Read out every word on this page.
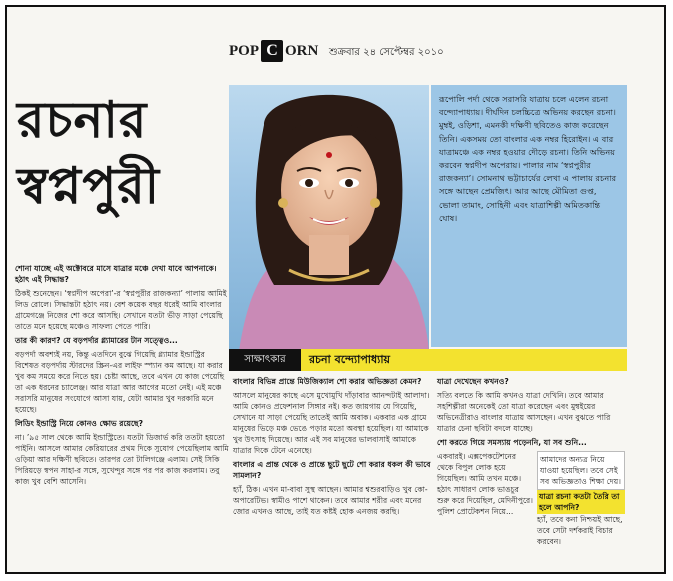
POP C ORN শুক্রবার ২৪ সেপ্টেম্বর ২০১০
রচনার
স্বপ্নপুরী

শোনা যাচ্ছে এই অক্টোবরে মাসে যাত্রার মঞ্চে দেখা যাবে আপনাকে। হঠাৎ এই সিদ্ধান্ত?

ঠিকই শুনেছেন। ‘স্বপ্নদীপ অপেরা’-র ‘স্বপ্নপুরীর রাজকন্যা’ পালায় আমিই লিড রোলে। সিদ্ধান্তটা হঠাৎ নয়। বেশ কয়েক বছর ধরেই আমি বাংলার গ্রামেগঞ্জে নিজের শো করে আসছি। সেখানে যতটা ভীড় সাড়া পেয়েছি তাতে মনে হয়েছে মঞ্চেও সাফল্য পেতে পারি।

তার কী কারণ? যে বড়পর্দার গ্ল্যামারের টান সত্ত্বেও...

বড়পর্দা অবশ্যই নয়, কিন্তু এতদিনে বুঝে গিয়েছি গ্ল্যামার ইন্ডাস্ট্রির বিশেষত বড়পর্দায় স্টারদের স্ক্রিন-এর লাইফ স্প্যান কম আছে। যা করার খুব কম সময়ে করে নিতে হয়। চেষ্টা আছে, তবে এখন যে কাজ পেয়েছি তা এক ধরনের চ্যালেঞ্জ। আর যাত্রা আর আগের মতো নেই। এই মঞ্চে সরাসরি মানুষের সংযোগে আসা যায়, যেটা আমার খুব দরকারি মনে হয়েছে।

লিডিং ইন্ডাস্ট্রি নিয়ে কোনও ক্ষোভ রয়েছে?

না। ’৯৫ সাল থেকে আমি ইন্ডাস্ট্রিতে। যতটা ডিজার্ভ করি ততটা হয়তো পাইনি। আসলে আমার কেরিয়ারের প্রথম দিকে সুযোগ পেয়েছিলাম আমি ওড়িয়া আর দক্ষিণী ছবিতে। তারপর তো টালিগঞ্জে এলাম। সেই সিকি পিরিয়ড়ে স্বপন সাহা-র সঙ্গে, সুখেন্দুর সঙ্গে পর পর কাজ করলাম। তবু কাজ খুব বেশি আসেনি।

সাক্ষাৎকার	রচনা বন্দ্যোপাধ্যায়
রূপোলি পর্দা থেকে সরাসরি যাত্রায় চলে এলেন রচনা বন্দ্যোপাধ্যায়। দীর্ঘদিন চলচ্চিত্রে অভিনয় করছেন রচনা। মুম্বই, ওড়িশা, এমনকী দক্ষিণী ছবিতেও কাজ করেছেন তিনি। একসময় তো বাংলার এক নম্বর হিরোইন। এ বার যাত্রামঞ্চে এক নম্বর হওয়ার দৌড়ে রচনা। তিনি অভিনয় করবেন স্বপ্নদীপ অপেরায়। পালার নাম ‘স্বপ্নপুরীর রাজকন্যা’। সোমনাথ ভট্টাচার্যের লেখা এ পালায় রচনার সঙ্গে আছেন প্রেমজিৎ। আর আছে মৌমিতা গুপ্ত, ভোলা তামাং, সোহিনী এবং যাত্রাশিল্পী অমিতকান্তি ঘোষ।

বাংলার বিভিন্ন প্রান্তে মিউজিক্যাল শো করার অভিজ্ঞতা কেমন?

আসলে মানুষের কাছে এসে মুখোমুখি দাঁড়াবার আনন্দটাই আলাদা। আমি কোনও প্রফেশনাল সিঙ্গার নই। কত জায়গায় যে গিয়েছি, সেখানে যা সাড়া পেয়েছি তাতেই আমি অবাক। একবার এক গ্রামে মানুষের ভিড়ে মঞ্চ ভেঙে পড়ার মতো অবস্থা হয়েছিল। যা আমাকে খুব উৎসাহ দিয়েছে। আর এই সব মানুষের ভালবাসাই আমাকে যাত্রার দিকে টেনে এনেছে।

বাংলার এ প্রান্ত থেকে ও প্রান্তে ছুটে ছুটে শো করার ধকল কী ভাবে সামলান?

হ্যাঁ, ঠিক। এখন মা-বাবা সুস্থ আছেন। আমার শ্বশুরবাড়িও খুব কো-অপারেটিভ। স্বামীও পাশে থাকেন। তবে আমার শরীর এবং মনের জোর এখনও আছে, তাই যত কষ্টই হোক এনজয় করছি।

যাত্রা দেখেছেন কখনও?

সত্যি বলতে কি আমি কখনও যাত্রা দেখিনি। তবে আমার সহশিল্পীরা অনেকেই তো যাত্রা করেছেন এবং মুম্বইয়ের অভিনেত্রীরাও বাংলার যাত্রায় আসছেন। এখন বুঝতে পারি যাত্রার চেনা ছবিটা বদলে যাচ্ছে।

শো করতে গিয়ে সমস্যায় পড়েননি, যা সব শুনি...

একবারই। এক্সপেকটেশনের থেকে বিপুল লোক হয়ে গিয়েছিল। আমি তখন মঞ্চে। হঠাৎ সাধারণ লোক ভাঙচুর শুরু করে দিয়েছিল, মেদিনীপুরে। পুলিশ প্রোটেকশন নিয়ে...
আমাদের অন্যত্র নিয়ে যাওয়া হয়েছিল। তবে সেই সব অভিজ্ঞতাও শিক্ষা দেয়।
যাত্রা রচনা কতটা তৈরি তা হলে আপনি?
হ্যাঁ, তবে কনা নিশ্চয়ই আছে, তবে সেটা দর্শকরাই বিচার করবেন।
